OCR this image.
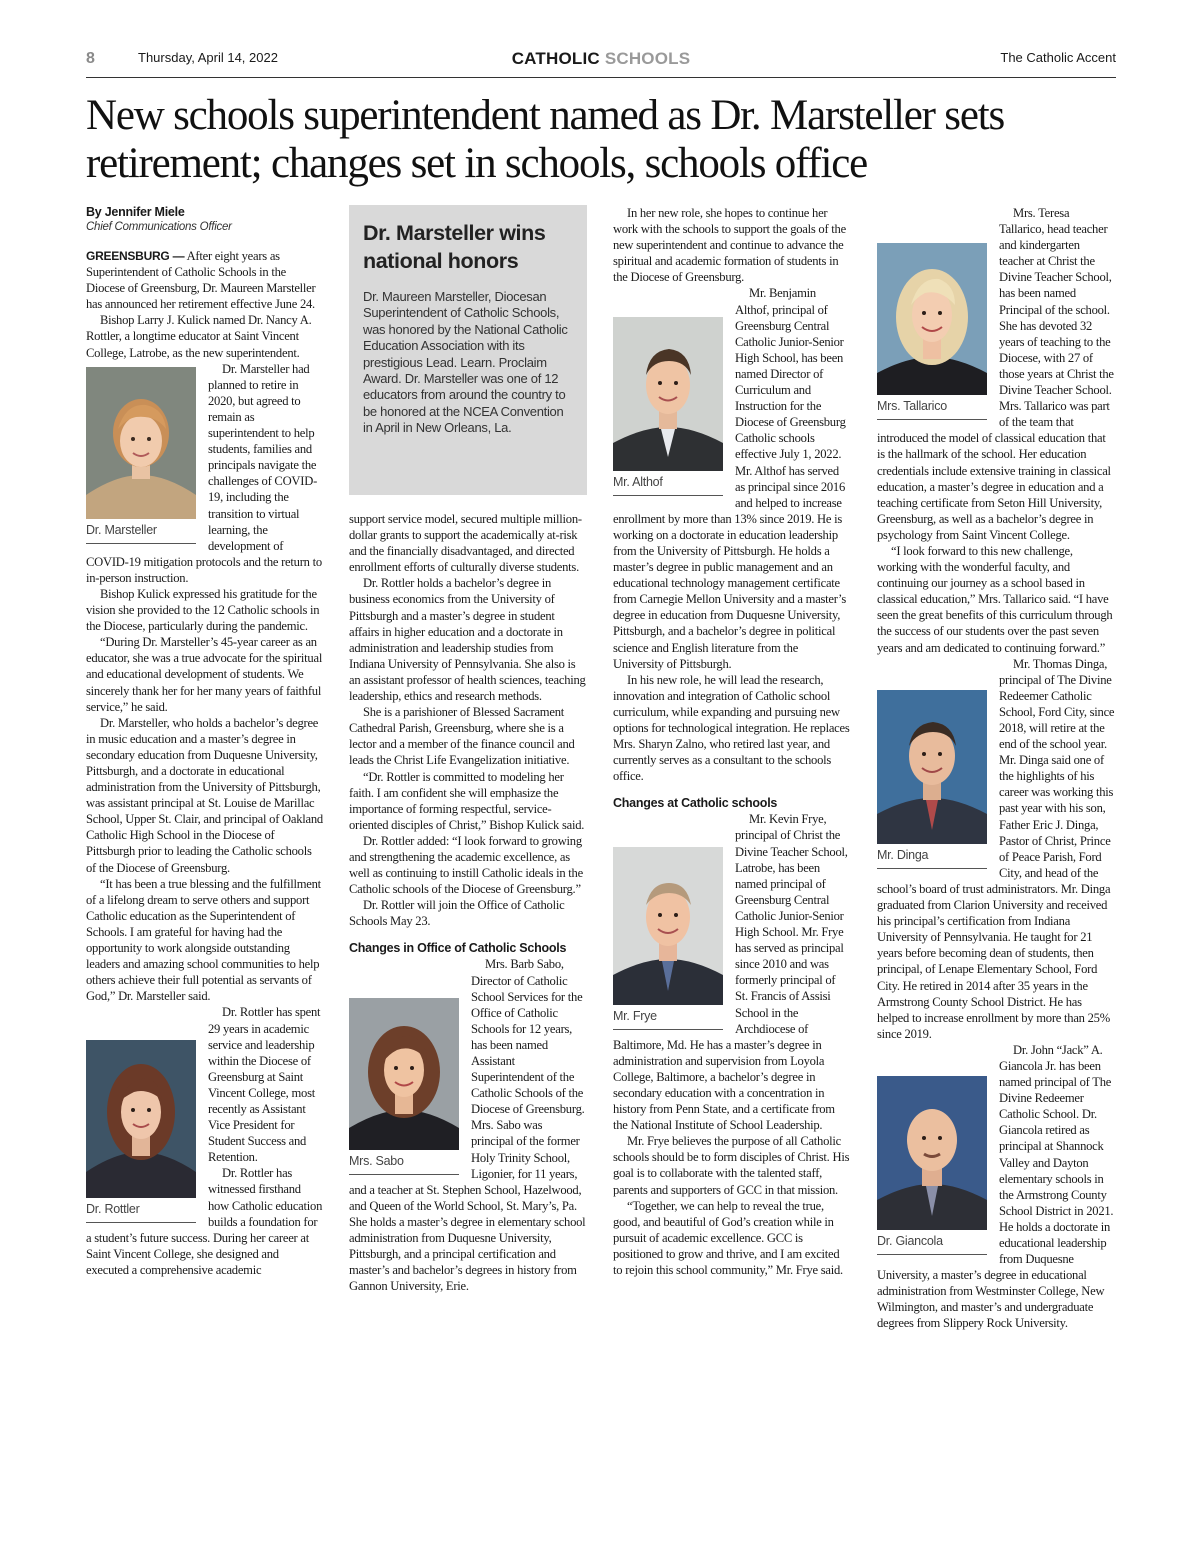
8	Thursday, April 14, 2022	CATHOLIC SCHOOLS	The Catholic Accent
New schools superintendent named as Dr. Marsteller sets retirement; changes set in schools, schools office
By Jennifer Miele
Chief Communications Officer

GREENSBURG — After eight years as Superintendent of Catholic Schools in the Diocese of Greensburg, Dr. Maureen Marsteller has announced her retirement effective June 24.

Bishop Larry J. Kulick named Dr. Nancy A. Rottler, a longtime educator at Saint Vincent College, Latrobe, as the new superintendent.

Dr. Marsteller

Dr. Marsteller had planned to retire in 2020, but agreed to remain as superintendent to help students, families and principals navigate the challenges of COVID-19, including the transition to virtual learning, the development of COVID-19 mitigation protocols and the return to in-person instruction.

Bishop Kulick expressed his gratitude for the vision she provided to the 12 Catholic schools in the Diocese, particularly during the pandemic.

“During Dr. Marsteller’s 45-year career as an educator, she was a true advocate for the spiritual and educational development of students. We sincerely thank her for her many years of faithful service,” he said.

Dr. Marsteller, who holds a bachelor’s degree in music education and a master’s degree in secondary education from Duquesne University, Pittsburgh, and a doctorate in educational administration from the University of Pittsburgh, was assistant principal at St. Louise de Marillac School, Upper St. Clair, and principal of Oakland Catholic High School in the Diocese of Pittsburgh prior to leading the Catholic schools of the Diocese of Greensburg.

“It has been a true blessing and the fulfillment of a lifelong dream to serve others and support Catholic education as the Superintendent of Schools. I am grateful for having had the opportunity to work alongside outstanding leaders and amazing school communities to help others achieve their full potential as servants of God,” Dr. Marsteller said.

Dr. Rottler

Dr. Rottler has spent 29 years in academic service and leadership within the Diocese of Greensburg at Saint Vincent College, most recently as Assistant Vice President for Student Success and Retention.

Dr. Rottler has witnessed firsthand how Catholic education builds a foundation for a student’s future success. During her career at Saint Vincent College, she designed and executed a comprehensive academic

Dr. Marsteller wins national honors

Dr. Maureen Marsteller, Diocesan Superintendent of Catholic Schools, was honored by the National Catholic Education Association with its prestigious Lead. Learn. Proclaim Award. Dr. Marsteller was one of 12 educators from around the country to be honored at the NCEA Convention in April in New Orleans, La.

support service model, secured multiple million-dollar grants to support the academically at-risk and the financially disadvantaged, and directed enrollment efforts of culturally diverse students.

Dr. Rottler holds a bachelor’s degree in business economics from the University of Pittsburgh and a master’s degree in student affairs in higher education and a doctorate in administration and leadership studies from Indiana University of Pennsylvania. She also is an assistant professor of health sciences, teaching leadership, ethics and research methods.

She is a parishioner of Blessed Sacrament Cathedral Parish, Greensburg, where she is a lector and a member of the finance council and leads the Christ Life Evangelization initiative.

“Dr. Rottler is committed to modeling her faith. I am confident she will emphasize the importance of forming respectful, service-oriented disciples of Christ,” Bishop Kulick said.

Dr. Rottler added: “I look forward to growing and strengthening the academic excellence, as well as continuing to instill Catholic ideals in the Catholic schools of the Diocese of Greensburg.”

Dr. Rottler will join the Office of Catholic Schools May 23.

Changes in Office of Catholic Schools
Mrs. Sabo

Mrs. Barb Sabo, Director of Catholic School Services for the Office of Catholic Schools for 12 years, has been named Assistant Superintendent of the Catholic Schools of the Diocese of Greensburg. Mrs. Sabo was principal of the former Holy Trinity School, Ligonier, for 11 years, and a teacher at St. Stephen School, Hazelwood, and Queen of the World School, St. Mary’s, Pa. She holds a master’s degree in elementary school administration from Duquesne University, Pittsburgh, and a principal certification and master’s and bachelor’s degrees in history from Gannon University, Erie.

In her new role, she hopes to continue her work with the schools to support the goals of the new superintendent and continue to advance the spiritual and academic formation of students in the Diocese of Greensburg.

Mr. Althof

Mr. Benjamin Althof, principal of Greensburg Central Catholic Junior-Senior High School, has been named Director of Curriculum and Instruction for the Diocese of Greensburg Catholic schools effective July 1, 2022. Mr. Althof has served as principal since 2016 and helped to increase enrollment by more than 13% since 2019. He is working on a doctorate in education leadership from the University of Pittsburgh. He holds a master’s degree in public management and an educational technology management certificate from Carnegie Mellon University and a master’s degree in education from Duquesne University, Pittsburgh, and a bachelor’s degree in political science and English literature from the University of Pittsburgh.

In his new role, he will lead the research, innovation and integration of Catholic school curriculum, while expanding and pursuing new options for technological integration. He replaces Mrs. Sharyn Zalno, who retired last year, and currently serves as a consultant to the schools office.

Changes at Catholic schools
Mr. Frye

Mr. Kevin Frye, principal of Christ the Divine Teacher School, Latrobe, has been named principal of Greensburg Central Catholic Junior-Senior High School. Mr. Frye has served as principal since 2010 and was formerly principal of St. Francis of Assisi School in the Archdiocese of Baltimore, Md. He has a master’s degree in administration and supervision from Loyola College, Baltimore, a bachelor’s degree in secondary education with a concentration in history from Penn State, and a certificate from the National Institute of School Leadership.

Mr. Frye believes the purpose of all Catholic schools should be to form disciples of Christ. His goal is to collaborate with the talented staff, parents and supporters of GCC in that mission.

“Together, we can help to reveal the true, good, and beautiful of God’s creation while in pursuit of academic excellence. GCC is positioned to grow and thrive, and I am excited to rejoin this school community,” Mr. Frye said.

Mrs. Tallarico

Mrs. Teresa Tallarico, head teacher and kindergarten teacher at Christ the Divine Teacher School, has been named Principal of the school. She has devoted 32 years of teaching to the Diocese, with 27 of those years at Christ the Divine Teacher School. Mrs. Tallarico was part of the team that introduced the model of classical education that is the hallmark of the school. Her education credentials include extensive training in classical education, a master’s degree in education and a teaching certificate from Seton Hill University, Greensburg, as well as a bachelor’s degree in psychology from Saint Vincent College.

“I look forward to this new challenge, working with the wonderful faculty, and continuing our journey as a school based in classical education,” Mrs. Tallarico said. “I have seen the great benefits of this curriculum through the success of our students over the past seven years and am dedicated to continuing forward.”

Mr. Dinga

Mr. Thomas Dinga, principal of The Divine Redeemer Catholic School, Ford City, since 2018, will retire at the end of the school year. Mr. Dinga said one of the highlights of his career was working this past year with his son, Father Eric J. Dinga, Pastor of Christ, Prince of Peace Parish, Ford City, and head of the school’s board of trust administrators. Mr. Dinga graduated from Clarion University and received his principal’s certification from Indiana University of Pennsylvania. He taught for 21 years before becoming dean of students, then principal, of Lenape Elementary School, Ford City. He retired in 2014 after 35 years in the Armstrong County School District. He has helped to increase enrollment by more than 25% since 2019.

Dr. Giancola

Dr. John “Jack” A. Giancola Jr. has been named principal of The Divine Redeemer Catholic School. Dr. Giancola retired as principal at Shannock Valley and Dayton elementary schools in the Armstrong County School District in 2021. He holds a doctorate in educational leadership from Duquesne University, a master’s degree in educational administration from Westminster College, New Wilmington, and master’s and undergraduate degrees from Slippery Rock University.
